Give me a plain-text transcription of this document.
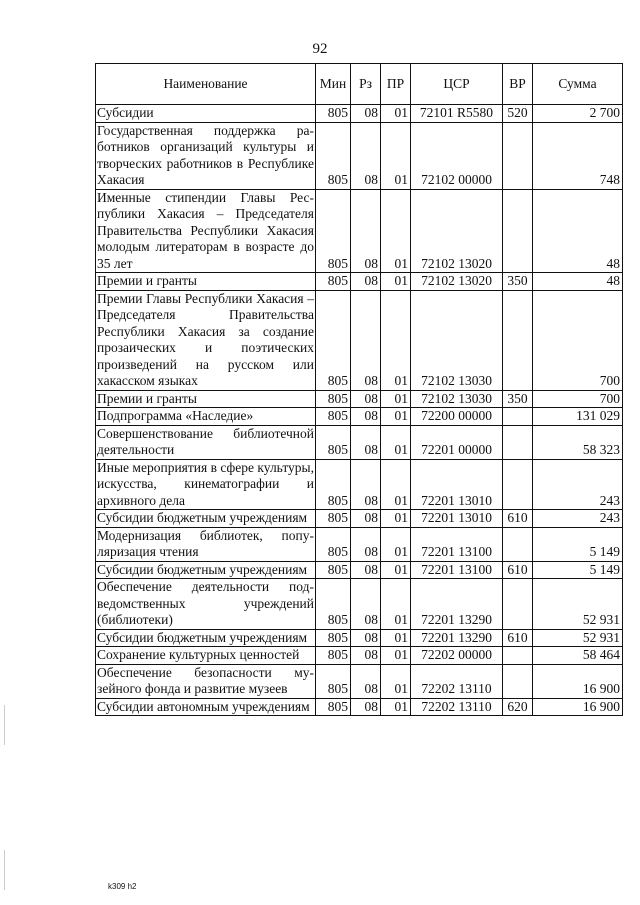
92
Наименование	Мин	Рз	ПР	ЦСР	ВР	Сумма
Субсидии	805	08	01	72101 R5580	520	2 700
Государственная поддержка работников организаций культуры и творческих работников в Республике Хакасия	805	08	01	72102 00000		748
Именные стипендии Главы Республики Хакасия – Председателя Правительства Республики Хакасия молодым литераторам в возрасте до 35 лет	805	08	01	72102 13020		48
Премии и гранты	805	08	01	72102 13020	350	48
Премии Главы Республики Хакасия – Председателя Правительства Республики Хакасия за создание прозаических и поэтических произведений на русском или хакасском языках	805	08	01	72102 13030		700
Премии и гранты	805	08	01	72102 13030	350	700
Подпрограмма «Наследие»	805	08	01	72200 00000		131 029
Совершенствование библиотечной деятельности	805	08	01	72201 00000		58 323
Иные мероприятия в сфере культуры, искусства, кинематографии и архивного дела	805	08	01	72201 13010		243
Субсидии бюджетным учреждениям	805	08	01	72201 13010	610	243
Модернизация библиотек, популяризация чтения	805	08	01	72201 13100		5 149
Субсидии бюджетным учреждениям	805	08	01	72201 13100	610	5 149
Обеспечение деятельности подведомственных учреждений (библиотеки)	805	08	01	72201 13290		52 931
Субсидии бюджетным учреждениям	805	08	01	72201 13290	610	52 931
Сохранение культурных ценностей	805	08	01	72202 00000		58 464
Обеспечение безопасности музейного фонда и развитие музеев	805	08	01	72202 13110		16 900
Субсидии автономным учреждениям	805	08	01	72202 13110	620	16 900
k309 h2
